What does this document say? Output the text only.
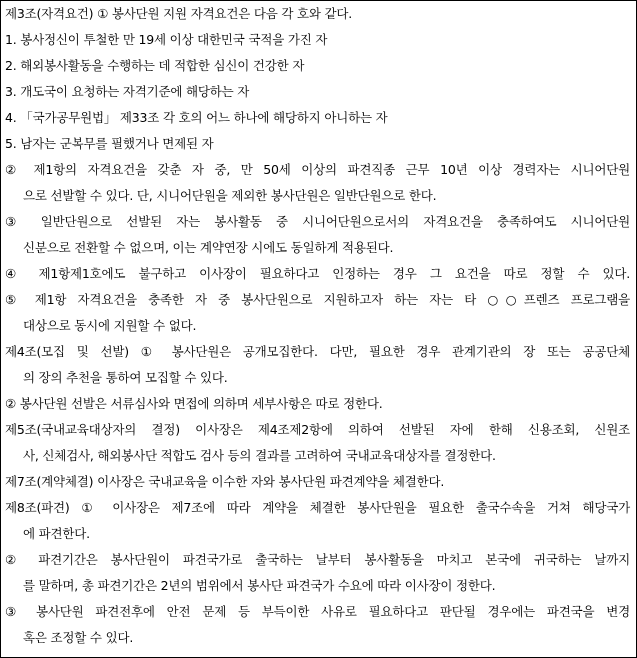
제3조(자격요건) ① 봉사단원 지원 자격요건은 다음 각 호와 같다.
1. 봉사정신이 투철한 만 19세 이상 대한민국 국적을 가진 자
2. 해외봉사활동을 수행하는 데 적합한 심신이 건강한 자
3. 개도국이 요청하는 자격기준에 해당하는 자
4. 「국가공무원법」 제33조 각 호의 어느 하나에 해당하지 아니하는 자
5. 남자는 군복무를 필했거나 면제된 자
② 제1항의 자격요건을 갖춘 자 중, 만 50세 이상의 파견직종 근무 10년 이상 경력자는 시니어단원
으로 선발할 수 있다. 단, 시니어단원을 제외한 봉사단원은 일반단원으로 한다.
③ 일반단원으로 선발된 자는 봉사활동 중 시니어단원으로서의 자격요건을 충족하여도 시니어단원
신분으로 전환할 수 없으며, 이는 계약연장 시에도 동일하게 적용된다.
④ 제1항제1호에도 불구하고 이사장이 필요하다고 인정하는 경우 그 요건을 따로 정할 수 있다.
⑤ 제1항 자격요건을 충족한 자 중 봉사단원으로 지원하고자 하는 자는 타 ○○프렌즈 프로그램을
대상으로 동시에 지원할 수 없다.
제4조(모집 및 선발) ① 봉사단원은 공개모집한다. 다만, 필요한 경우 관계기관의 장 또는 공공단체
의 장의 추천을 통하여 모집할 수 있다.
② 봉사단원 선발은 서류심사와 면접에 의하며 세부사항은 따로 정한다.
제5조(국내교육대상자의 결정) 이사장은 제4조제2항에 의하여 선발된 자에 한해 신용조회, 신원조
사, 신체검사, 해외봉사단 적합도 검사 등의 결과를 고려하여 국내교육대상자를 결정한다.
제7조(계약체결) 이사장은 국내교육을 이수한 자와 봉사단원 파견계약을 체결한다.
제8조(파견) ① 이사장은 제7조에 따라 계약을 체결한 봉사단원을 필요한 출국수속을 거쳐 해당국가
에 파견한다.
② 파견기간은 봉사단원이 파견국가로 출국하는 날부터 봉사활동을 마치고 본국에 귀국하는 날까지
를 말하며, 총 파견기간은 2년의 범위에서 봉사단 파견국가 수요에 따라 이사장이 정한다.
③ 봉사단원 파견전후에 안전 문제 등 부득이한 사유로 필요하다고 판단될 경우에는 파견국을 변경
혹은 조정할 수 있다.
